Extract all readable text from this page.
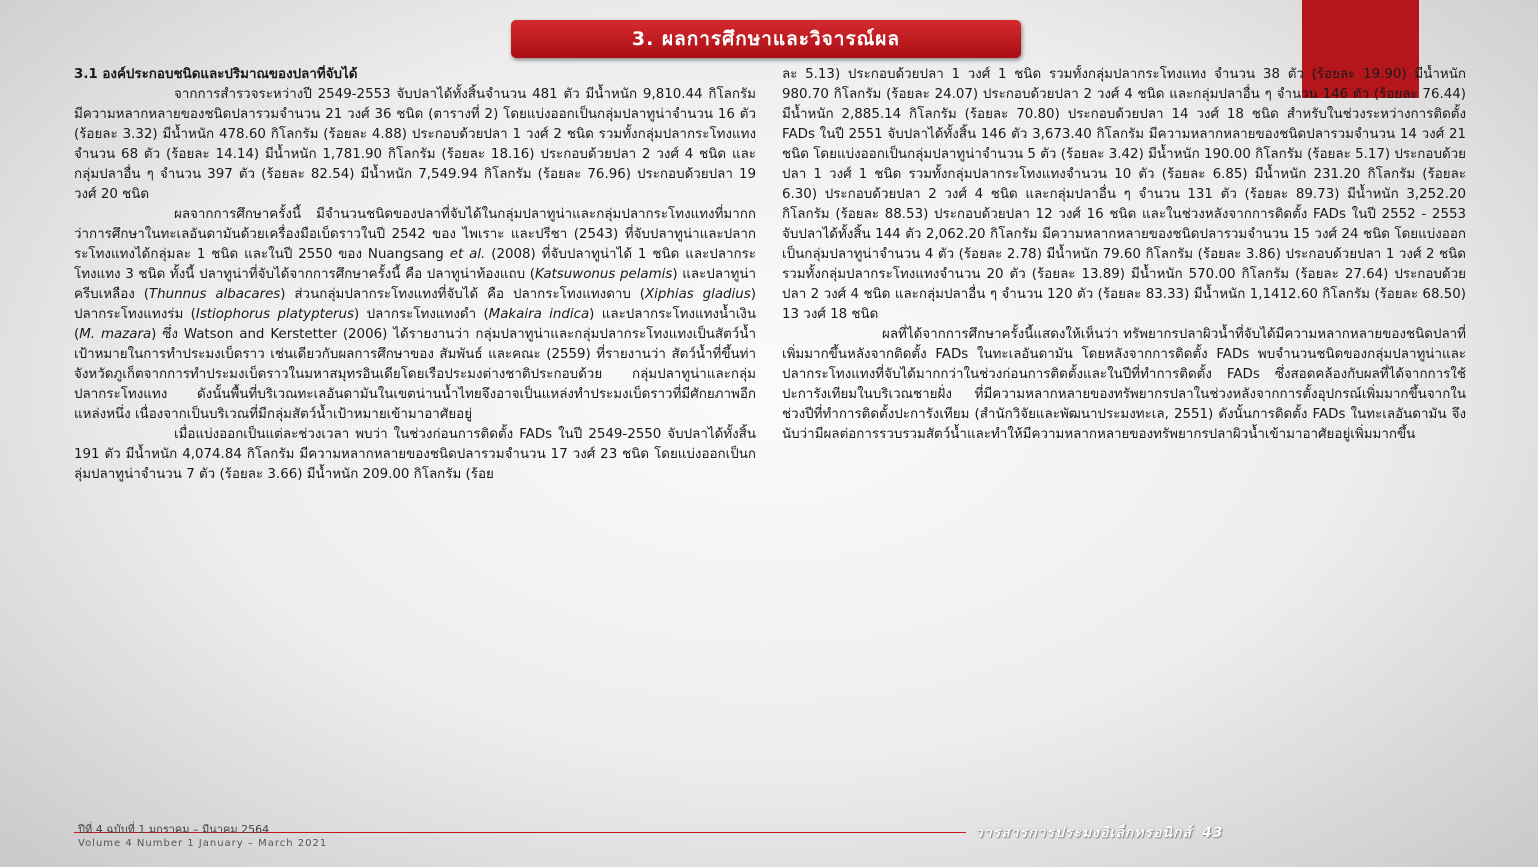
3. ผลการศึกษาและวิจารณ์ผล
3.1 องค์ประกอบชนิดและปริมาณของปลาที่จับได้

จากการสำรวจระหว่างปี 2549-2553 จับปลาได้ทั้งสิ้นจำนวน 481 ตัว มีน้ำหนัก 9,810.44 กิโลกรัม มีความหลากหลายของชนิดปลารวมจำนวน 21 วงศ์ 36 ชนิด (ตารางที่ 2) โดยแบ่งออกเป็นกลุ่มปลาทูน่าจำนวน 16 ตัว (ร้อยละ 3.32) มีน้ำหนัก 478.60 กิโลกรัม (ร้อยละ 4.88) ประกอบด้วยปลา 1 วงศ์ 2 ชนิด รวมทั้งกลุ่มปลากระโทงแทงจำนวน 68 ตัว (ร้อยละ 14.14) มีน้ำหนัก 1,781.90 กิโลกรัม (ร้อยละ 18.16) ประกอบด้วยปลา 2 วงศ์ 4 ชนิด และกลุ่มปลาอื่น ๆ จำนวน 397 ตัว (ร้อยละ 82.54) มีน้ำหนัก 7,549.94 กิโลกรัม (ร้อยละ 76.96) ประกอบด้วยปลา 19 วงศ์ 20 ชนิด

ผลจากการศึกษาครั้งนี้ มีจำนวนชนิดของปลาที่จับได้ในกลุ่มปลาทูน่าและกลุ่มปลากระโทงแทงที่มากกว่าการศึกษาในทะเลอันดามันด้วยเครื่องมือเบ็ดราวในปี 2542 ของ ไพเราะ และปรีชา (2543) ที่จับปลาทูน่าและปลากระโทงแทงได้กลุ่มละ 1 ชนิด และในปี 2550 ของ Nuangsang et al. (2008) ที่จับปลาทูน่าได้ 1 ชนิด และปลากระโทงแทง 3 ชนิด ทั้งนี้ ปลาทูน่าที่จับได้จากการศึกษาครั้งนี้ คือ ปลาทูน่าท้องแถบ (Katsuwonus pelamis) และปลาทูน่าครีบเหลือง (Thunnus albacares) ส่วนกลุ่มปลากระโทงแทงที่จับได้ คือ ปลากระโทงแทงดาบ (Xiphias gladius) ปลากระโทงแทงร่ม (Istiophorus platypterus) ปลากระโทงแทงดำ (Makaira indica) และปลากระโทงแทงน้ำเงิน (M. mazara) ซึ่ง Watson and Kerstetter (2006) ได้รายงานว่า กลุ่มปลาทูน่าและกลุ่มปลากระโทงแทงเป็นสัตว์น้ำเป้าหมายในการทำประมงเบ็ดราว เช่นเดียวกับผลการศึกษาของ สัมพันธ์ และคณะ (2559) ที่รายงานว่า สัตว์น้ำที่ขึ้นท่าจังหวัดภูเก็ตจากการทำประมงเบ็ดราวในมหาสมุทรอินเดียโดยเรือประมงต่างชาติประกอบด้วย กลุ่มปลาทูน่าและกลุ่มปลากระโทงแทง ดังนั้นพื้นที่บริเวณทะเลอันดามันในเขตน่านน้ำไทยจึงอาจเป็นแหล่งทำประมงเบ็ดราวที่มีศักยภาพอีกแหล่งหนึ่ง เนื่องจากเป็นบริเวณที่มีกลุ่มสัตว์น้ำเป้าหมายเข้ามาอาศัยอยู่

เมื่อแบ่งออกเป็นแต่ละช่วงเวลา พบว่า ในช่วงก่อนการติดตั้ง FADs ในปี 2549-2550 จับปลาได้ทั้งสิ้น 191 ตัว มีน้ำหนัก 4,074.84 กิโลกรัม มีความหลากหลายของชนิดปลารวมจำนวน 17 วงศ์ 23 ชนิด โดยแบ่งออกเป็นกลุ่มปลาทูน่าจำนวน 7 ตัว (ร้อยละ 3.66) มีน้ำหนัก 209.00 กิโลกรัม (ร้อย

ละ 5.13) ประกอบด้วยปลา 1 วงศ์ 1 ชนิด รวมทั้งกลุ่มปลากระโทงแทง จำนวน 38 ตัว (ร้อยละ 19.90) มีน้ำหนัก 980.70 กิโลกรัม (ร้อยละ 24.07) ประกอบด้วยปลา 2 วงศ์ 4 ชนิด และกลุ่มปลาอื่น ๆ จำนวน 146 ตัว (ร้อยละ 76.44) มีน้ำหนัก 2,885.14 กิโลกรัม (ร้อยละ 70.80) ประกอบด้วยปลา 14 วงศ์ 18 ชนิด สำหรับในช่วงระหว่างการติดตั้ง FADs ในปี 2551 จับปลาได้ทั้งสิ้น 146 ตัว 3,673.40 กิโลกรัม มีความหลากหลายของชนิดปลารวมจำนวน 14 วงศ์ 21 ชนิด โดยแบ่งออกเป็นกลุ่มปลาทูน่าจำนวน 5 ตัว (ร้อยละ 3.42) มีน้ำหนัก 190.00 กิโลกรัม (ร้อยละ 5.17) ประกอบด้วยปลา 1 วงศ์ 1 ชนิด รวมทั้งกลุ่มปลากระโทงแทงจำนวน 10 ตัว (ร้อยละ 6.85) มีน้ำหนัก 231.20 กิโลกรัม (ร้อยละ 6.30) ประกอบด้วยปลา 2 วงศ์ 4 ชนิด และกลุ่มปลาอื่น ๆ จำนวน 131 ตัว (ร้อยละ 89.73) มีน้ำหนัก 3,252.20 กิโลกรัม (ร้อยละ 88.53) ประกอบด้วยปลา 12 วงศ์ 16 ชนิด และในช่วงหลังจากการติดตั้ง FADs ในปี 2552 - 2553 จับปลาได้ทั้งสิ้น 144 ตัว 2,062.20 กิโลกรัม มีความหลากหลายของชนิดปลารวมจำนวน 15 วงศ์ 24 ชนิด โดยแบ่งออกเป็นกลุ่มปลาทูน่าจำนวน 4 ตัว (ร้อยละ 2.78) มีน้ำหนัก 79.60 กิโลกรัม (ร้อยละ 3.86) ประกอบด้วยปลา 1 วงศ์ 2 ชนิด รวมทั้งกลุ่มปลากระโทงแทงจำนวน 20 ตัว (ร้อยละ 13.89) มีน้ำหนัก 570.00 กิโลกรัม (ร้อยละ 27.64) ประกอบด้วยปลา 2 วงศ์ 4 ชนิด และกลุ่มปลาอื่น ๆ จำนวน 120 ตัว (ร้อยละ 83.33) มีน้ำหนัก 1,1412.60 กิโลกรัม (ร้อยละ 68.50) 13 วงศ์ 18 ชนิด

ผลที่ได้จากการศึกษาครั้งนี้แสดงให้เห็นว่า ทรัพยากรปลาผิวน้ำที่จับได้มีความหลากหลายของชนิดปลาที่เพิ่มมากขึ้นหลังจากติดตั้ง FADs ในทะเลอันดามัน โดยหลังจากการติดตั้ง FADs พบจำนวนชนิดของกลุ่มปลาทูน่าและปลากระโทงแทงที่จับได้มากกว่าในช่วงก่อนการติดตั้งและในปีที่ทำการติดตั้ง FADs ซึ่งสอดคล้องกับผลที่ได้จากการใช้ปะการังเทียมในบริเวณชายฝั่ง ที่มีความหลากหลายของทรัพยากรปลาในช่วงหลังจากการตั้งอุปกรณ์เพิ่มมากขึ้นจากในช่วงปีที่ทำการติดตั้งปะการังเทียม (สำนักวิจัยและพัฒนาประมงทะเล, 2551) ดังนั้นการติดตั้ง FADs ในทะเลอันดามัน จึงนับว่ามีผลต่อการรวบรวมสัตว์น้ำและทำให้มีความหลากหลายของทรัพยากรปลาผิวน้ำเข้ามาอาศัยอยู่เพิ่มมากขึ้น

ปีที่ 4 ฉบับที่ 1 มกราคม – มีนาคม 2564
Volume 4 Number 1 January – March 2021
วารสารการประมงอิเล็กทรอนิกส์ 43
